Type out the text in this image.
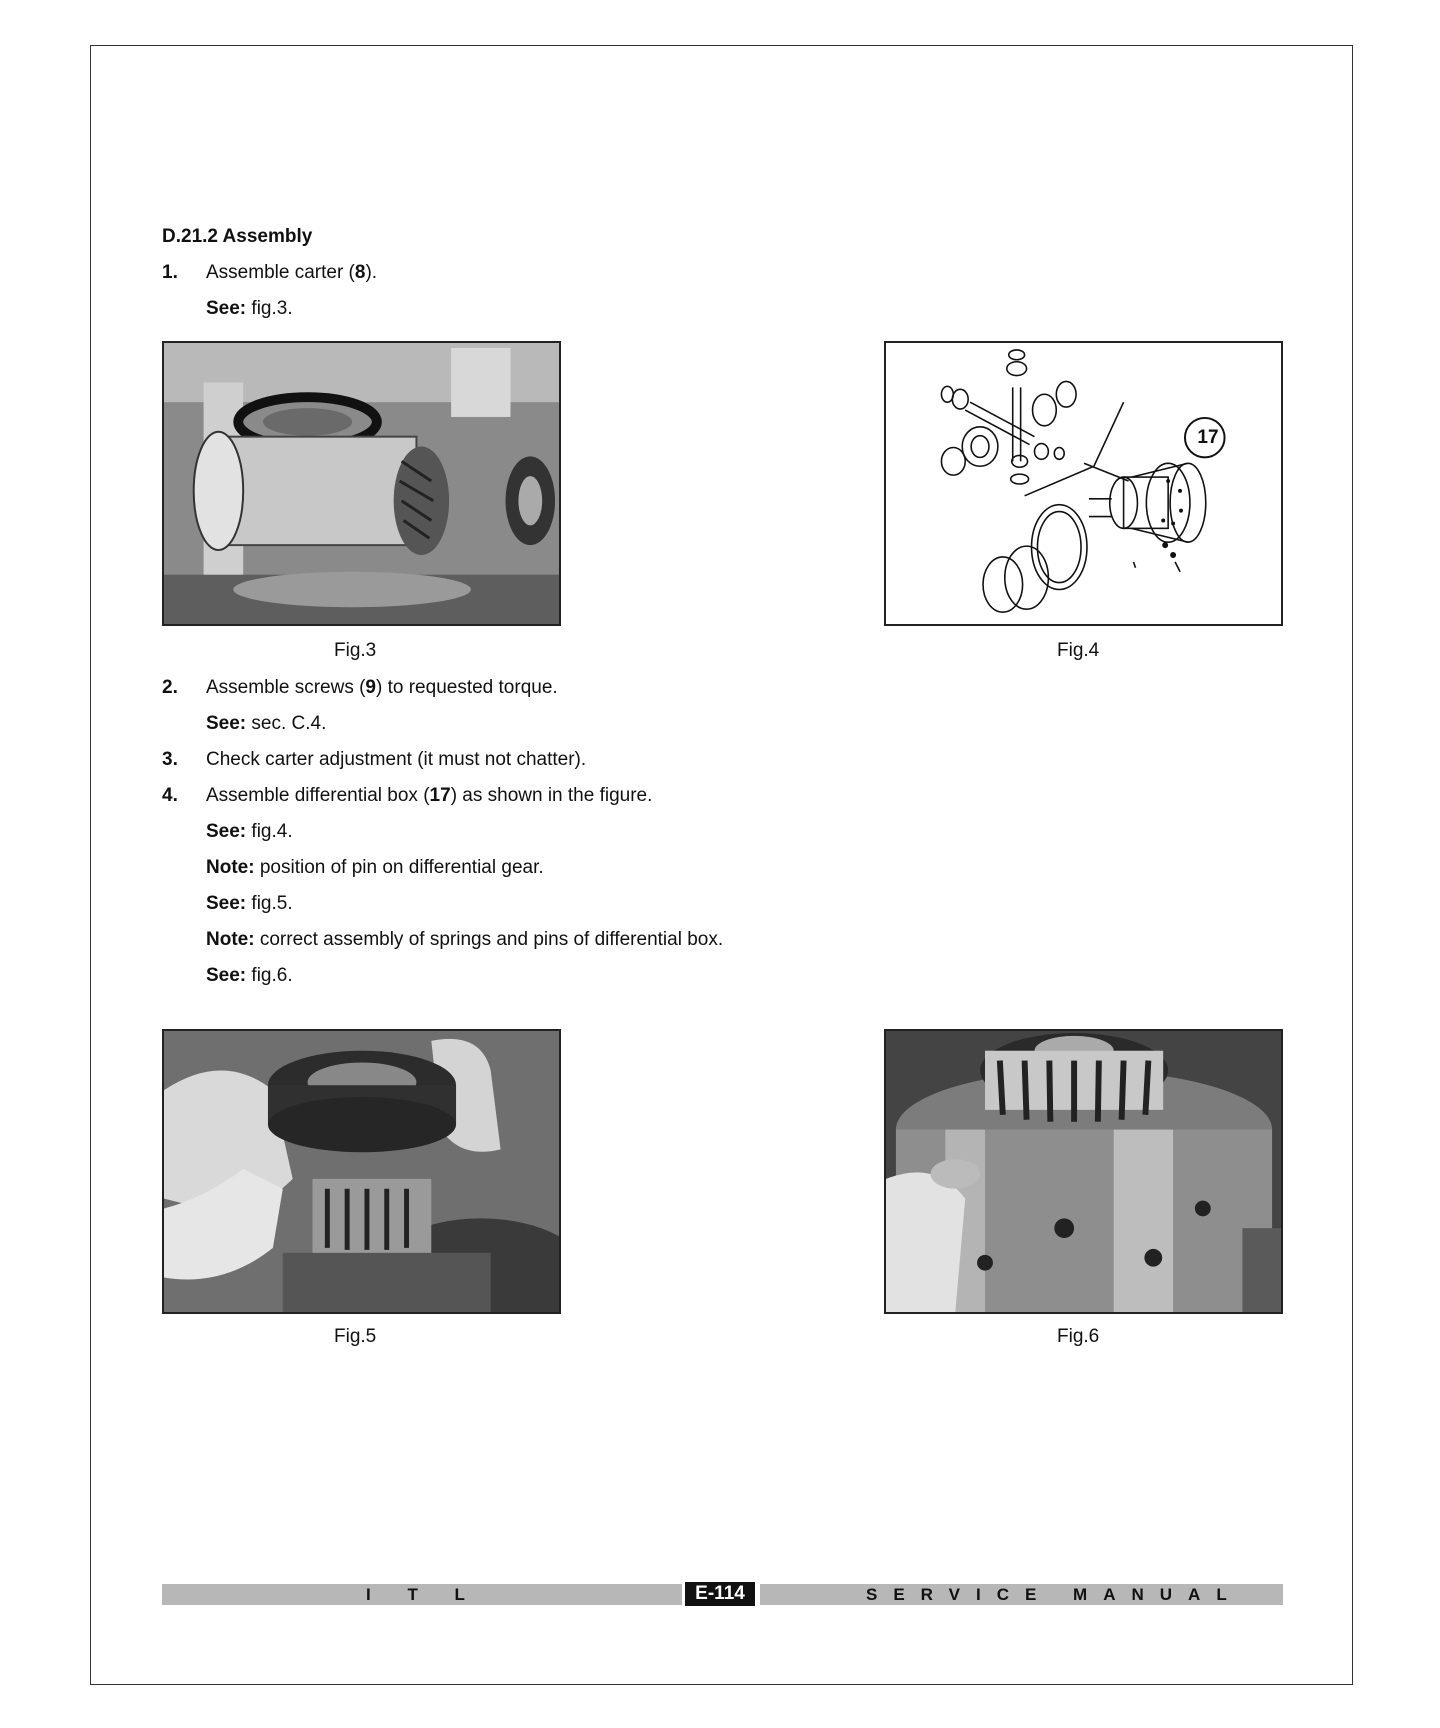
D.21.2 Assembly
1. Assemble carter (8).
See: fig.3.
Fig.3
17
Fig.4
2. Assemble screws (9) to requested torque.
See: sec. C.4.
3. Check carter adjustment (it must not chatter).
4. Assemble differential box (17) as shown in the figure.
See: fig.4.
Note: position of pin on differential gear.
See: fig.5.
Note: correct assembly of springs and pins of differential box.
See: fig.6.
Fig.5	Fig.6
I T L	E-114	SERVICE MANUAL
